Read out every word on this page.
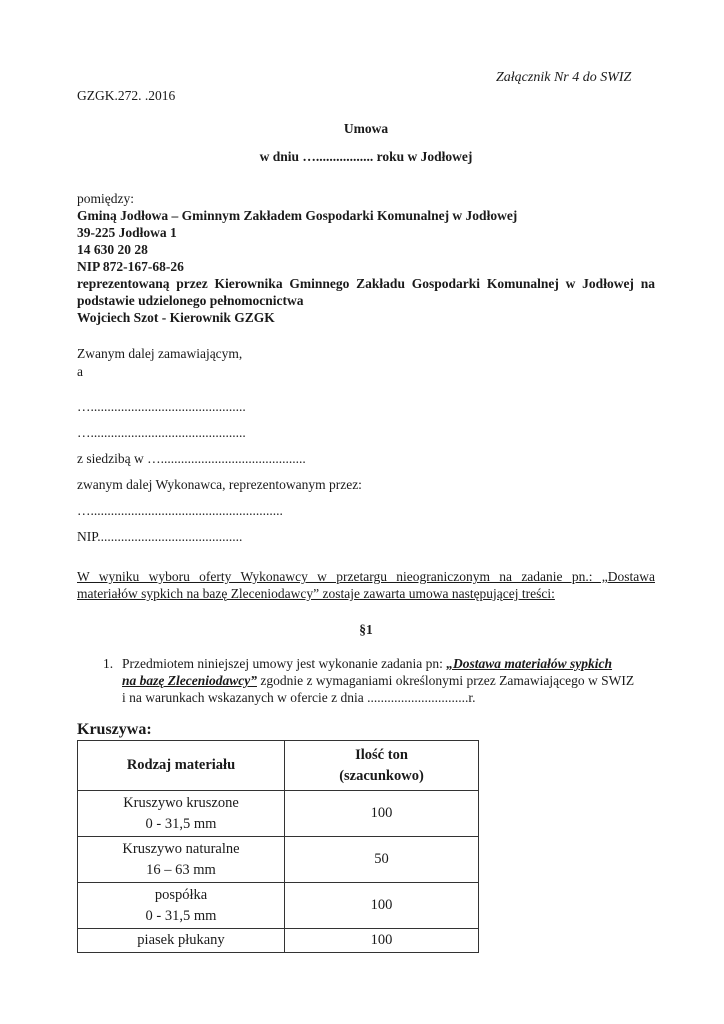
Załącznik Nr 4 do SWIZ
GZGK.272. .2016
Umowa
w dniu …................. roku w Jodłowej
pomiędzy:
Gminą Jodłowa – Gminnym Zakładem Gospodarki Komunalnej w Jodłowej
39-225 Jodłowa 1
14 630 20 28
NIP 872-167-68-26
reprezentowaną przez Kierownika Gminnego Zakładu Gospodarki Komunalnej w Jodłowej na
podstawie udzielonego pełnomocnictwa
Wojciech Szot - Kierownik GZGK
Zwanym dalej zamawiającym,
a
…..............................................
…..............................................
z siedzibą w …...........................................
zwanym dalej Wykonawca, reprezentowanym przez:
….........................................................
NIP...........................................
W wyniku wyboru oferty Wykonawcy w przetargu nieograniczonym na zadanie pn.: „Dostawa
materiałów sypkich na bazę Zleceniodawcy” zostaje zawarta umowa następującej treści:
§1
1. Przedmiotem niniejszej umowy jest wykonanie zadania pn: „Dostawa materiałów sypkich
na bazę Zleceniodawcy” zgodnie z wymaganiami określonymi przez Zamawiającego w SWIZ
i na warunkach wskazanych w ofercie z dnia ..............................r.
Kruszywa:
Rodzaj materiału	Ilość ton
(szacunkowo)

Kruszywo kruszone
0 - 31,5 mm	100

Kruszywo naturalne
16 – 63 mm	50

pospółka
0 - 31,5 mm	100

piasek płukany	100
